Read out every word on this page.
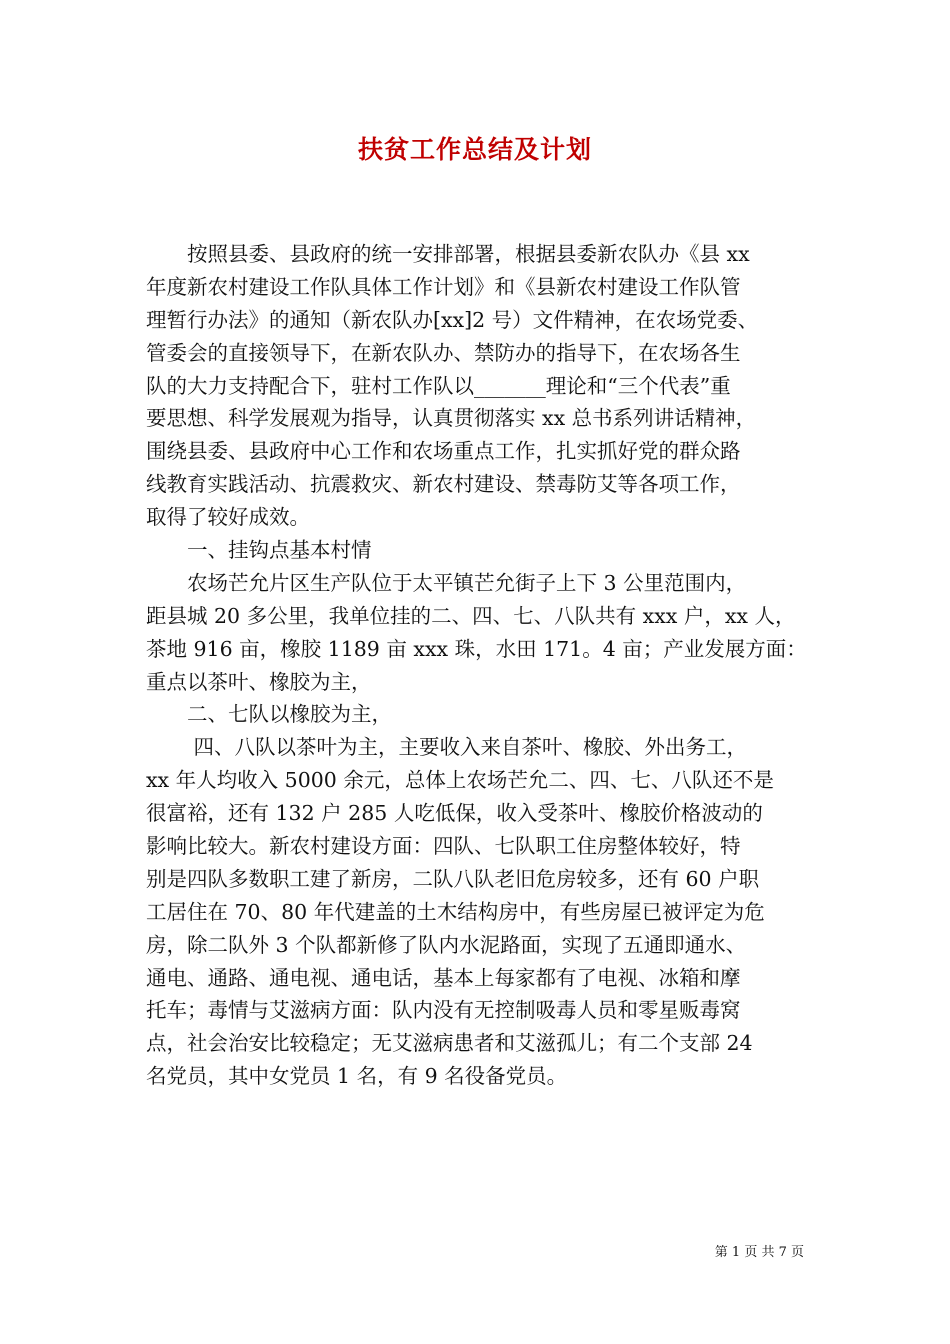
扶贫工作总结及计划

　　按照县委、县政府的统一安排部署，根据县委新农队办《县 xx
年度新农村建设工作队具体工作计划》和《县新农村建设工作队管
理暂行办法》的通知（新农队办[xx]2 号）文件精神，在农场党委、
管委会的直接领导下，在新农队办、禁防办的指导下，在农场各生
队的大力支持配合下，驻村工作队以_______理论和“三个代表”重
要思想、科学发展观为指导，认真贯彻落实 xx 总书系列讲话精神，
围绕县委、县政府中心工作和农场重点工作，扎实抓好党的群众路
线教育实践活动、抗震救灾、新农村建设、禁毒防艾等各项工作，
取得了较好成效。

　　一、挂钩点基本村情

　　农场芒允片区生产队位于太平镇芒允街子上下 3 公里范围内，
距县城 20 多公里，我单位挂的二、四、七、八队共有 xxx 户，xx 人，
茶地 916 亩，橡胶 1189 亩 xxx 珠，水田 171。4 亩；产业发展方面：
重点以茶叶、橡胶为主，

　　二、七队以橡胶为主，

　　 四、八队以茶叶为主，主要收入来自茶叶、橡胶、外出务工，
xx 年人均收入 5000 余元，总体上农场芒允二、四、七、八队还不是
很富裕，还有 132 户 285 人吃低保，收入受茶叶、橡胶价格波动的
影响比较大。新农村建设方面：四队、七队职工住房整体较好，特
别是四队多数职工建了新房，二队八队老旧危房较多，还有 60 户职
工居住在 70、80 年代建盖的土木结构房中，有些房屋已被评定为危
房，除二队外 3 个队都新修了队内水泥路面，实现了五通即通水、
通电、通路、通电视、通电话，基本上每家都有了电视、冰箱和摩
托车；毒情与艾滋病方面：队内没有无控制吸毒人员和零星贩毒窝
点，社会治安比较稳定；无艾滋病患者和艾滋孤儿；有二个支部 24
名党员，其中女党员 1 名，有 9 名役备党员。

第 1 页 共 7 页
